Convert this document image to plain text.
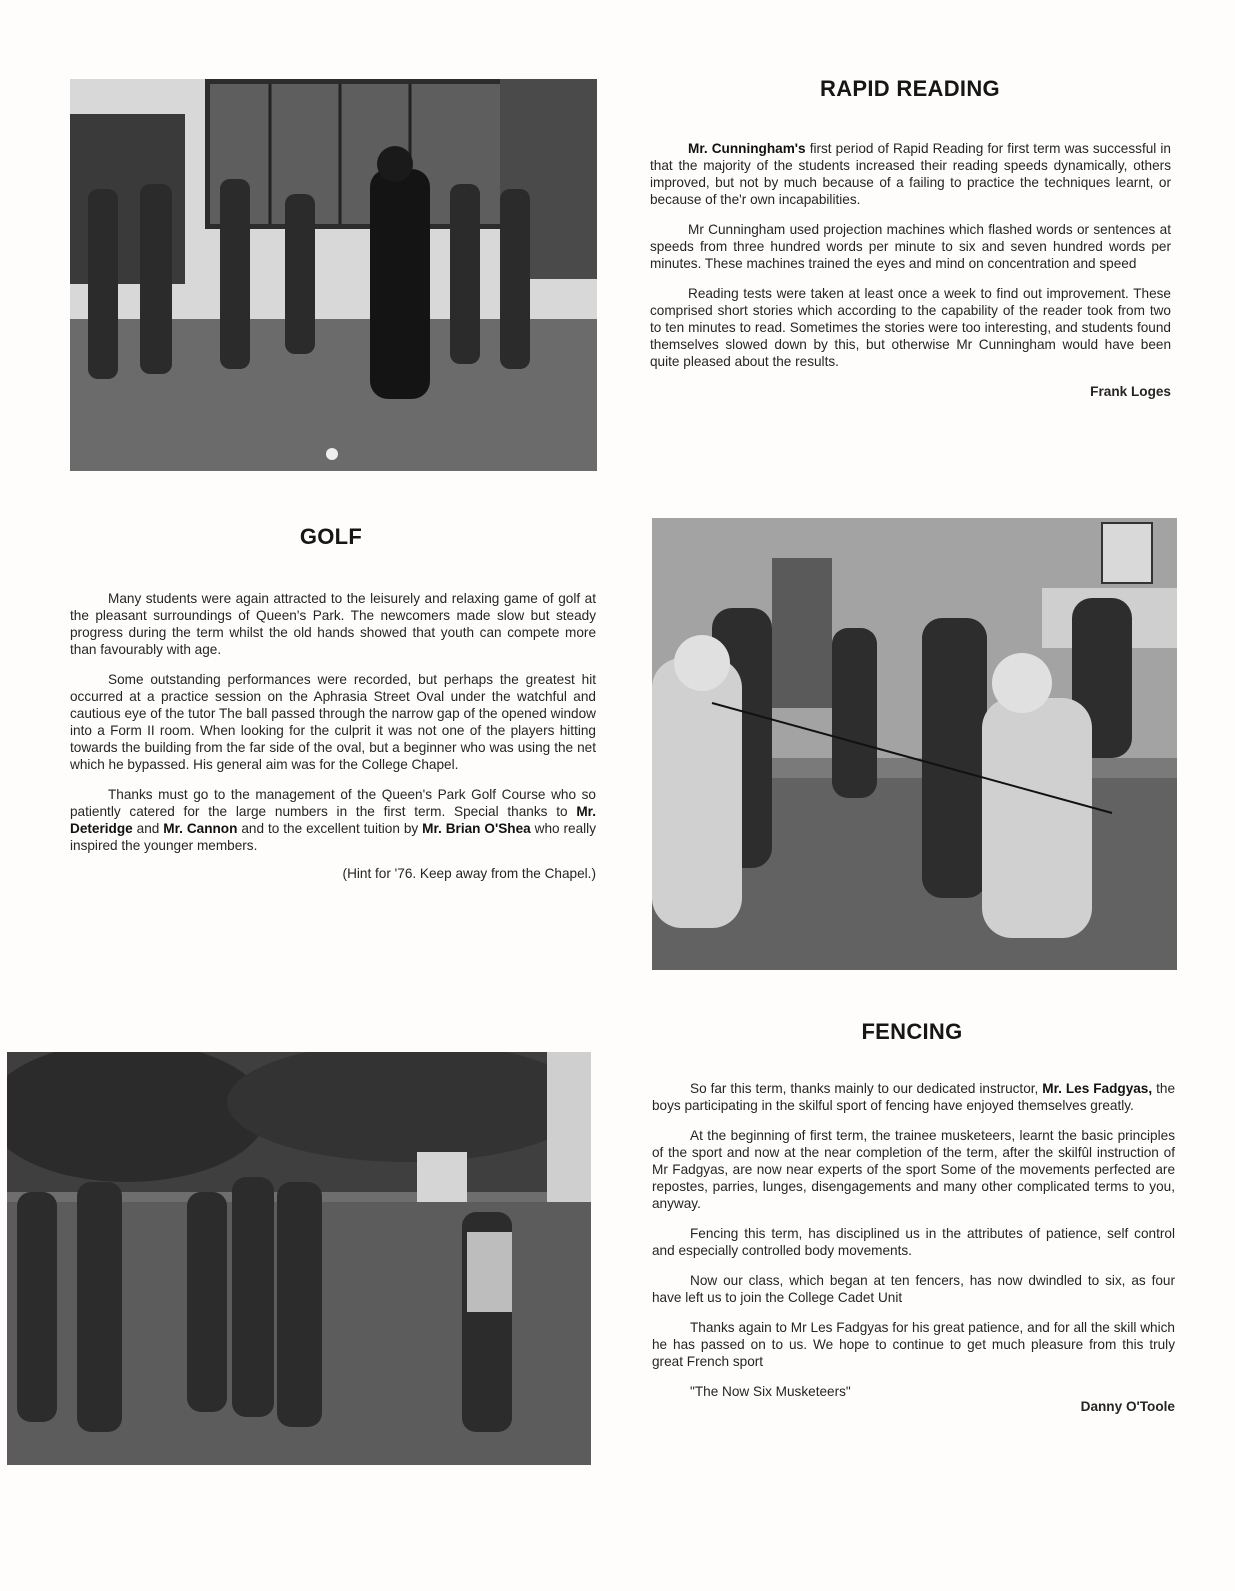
RAPID READING

Mr. Cunningham's first period of Rapid Reading for first term was successful in that the majority of the students increased their reading speeds dynamically, others improved, but not by much because of a failing to practice the techniques learnt, or because of the'r own incapabilities.

Mr Cunningham used projection machines which flashed words or sentences at speeds from three hundred words per minute to six and seven hundred words per minutes. These machines trained the eyes and mind on concentration and speed

Reading tests were taken at least once a week to find out improvement. These comprised short stories which according to the capability of the reader took from two to ten minutes to read. Sometimes the stories were too interesting, and students found themselves slowed down by this, but otherwise Mr Cunningham would have been quite pleased about the results.

Frank Loges
GOLF

Many students were again attracted to the leisurely and relaxing game of golf at the pleasant surroundings of Queen's Park. The newcomers made slow but steady progress during the term whilst the old hands showed that youth can compete more than favourably with age.

Some outstanding performances were recorded, but perhaps the greatest hit occurred at a practice session on the Aphrasia Street Oval under the watchful and cautious eye of the tutor The ball passed through the narrow gap of the opened window into a Form II room. When looking for the culprit it was not one of the players hitting towards the building from the far side of the oval, but a beginner who was using the net which he bypassed. His general aim was for the College Chapel.

Thanks must go to the management of the Queen's Park Golf Course who so patiently catered for the large numbers in the first term. Special thanks to Mr. Deteridge and Mr. Cannon and to the excellent tuition by Mr. Brian O'Shea who really inspired the younger members.

(Hint for '76. Keep away from the Chapel.)
FENCING

So far this term, thanks mainly to our dedicated instructor, Mr. Les Fadgyas, the boys participating in the skilful sport of fencing have enjoyed themselves greatly.

At the beginning of first term, the trainee musketeers, learnt the basic principles of the sport and now at the near completion of the term, after the skilfûl instruction of Mr Fadgyas, are now near experts of the sport Some of the movements perfected are repostes, parries, lunges, disengagements and many other complicated terms to you, anyway.

Fencing this term, has disciplined us in the attributes of patience, self control and especially controlled body movements.

Now our class, which began at ten fencers, has now dwindled to six, as four have left us to join the College Cadet Unit

Thanks again to Mr Les Fadgyas for his great patience, and for all the skill which he has passed on to us. We hope to continue to get much pleasure from this truly great French sport

"The Now Six Musketeers"

Danny O'Toole
